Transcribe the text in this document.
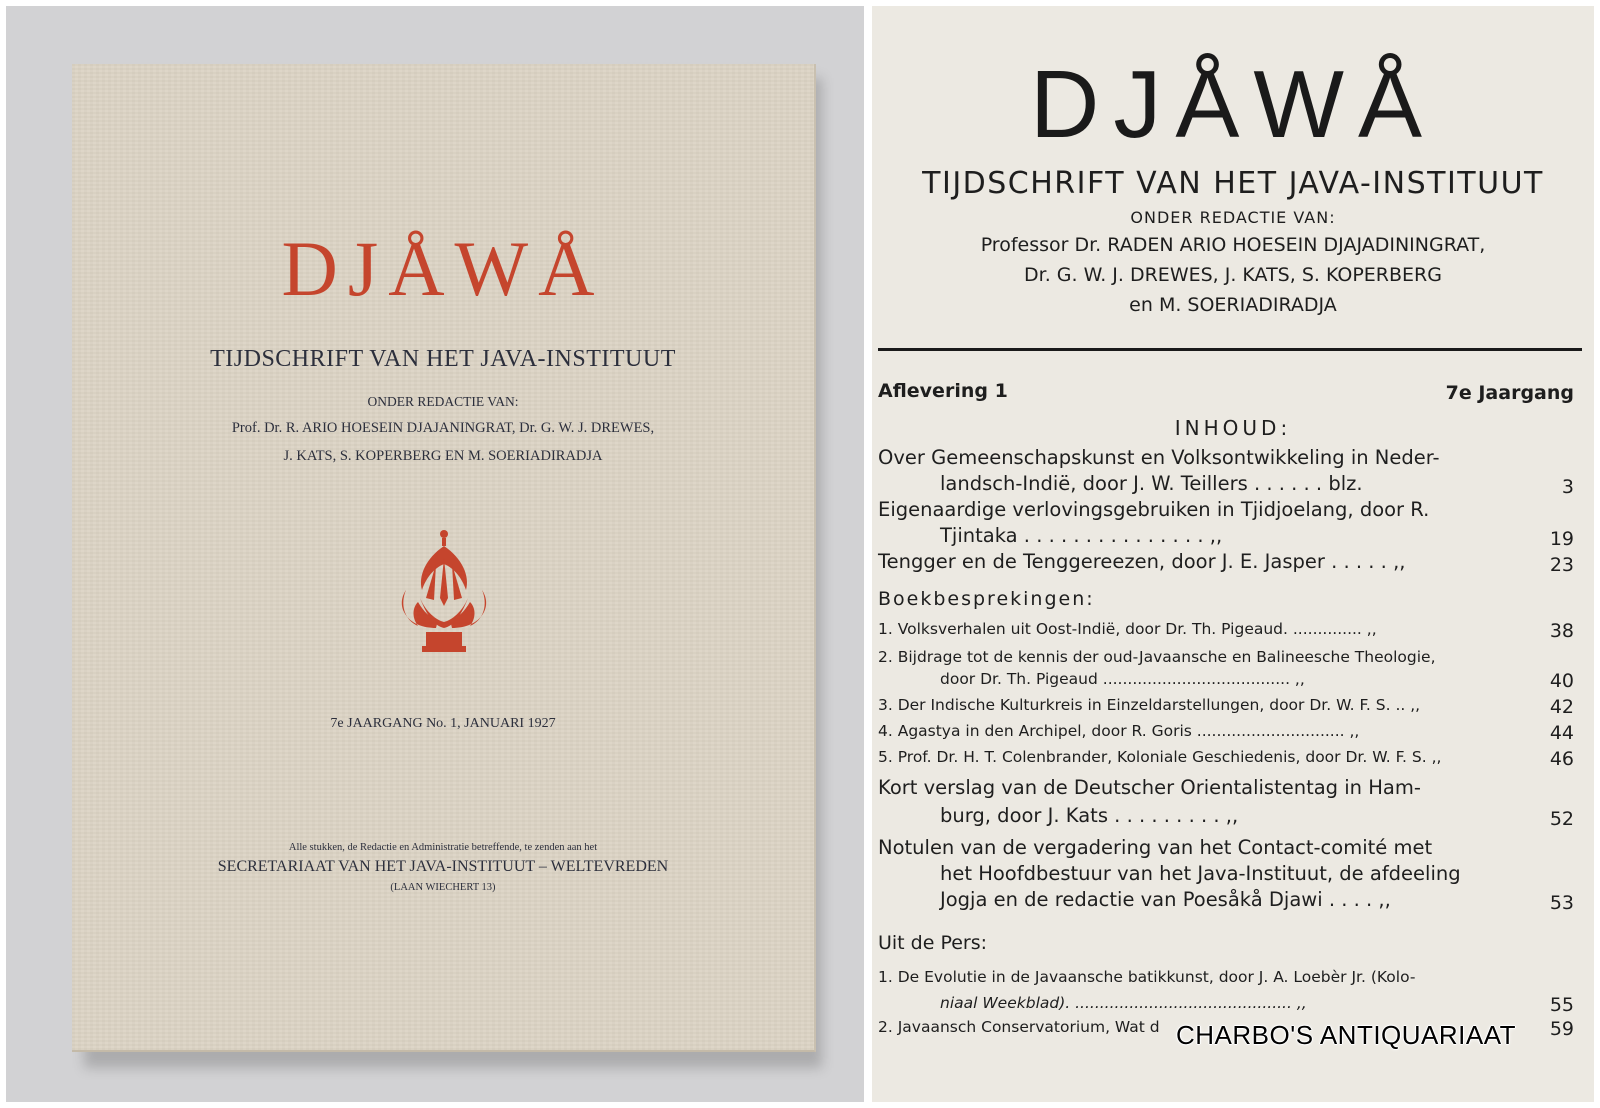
DJÅWÅ
TIJDSCHRIFT VAN HET JAVA-INSTITUUT
ONDER REDACTIE VAN:
Prof. Dr. R. ARIO HOESEIN DJAJANINGRAT, Dr. G. W. J. DREWES,
J. KATS, S. KOPERBERG EN M. SOERIADIRADJA
7e JAARGANG No. 1, JANUARI 1927
Alle stukken, de Redactie en Administratie betreffende, te zenden aan het
SECRETARIAAT VAN HET JAVA-INSTITUUT – WELTEVREDEN
(LAAN WIECHERT 13)
DJÅWÅ
TIJDSCHRIFT VAN HET JAVA-INSTITUUT
ONDER REDACTIE VAN:
Professor Dr. RADEN ARIO HOESEIN DJAJADININGRAT,
Dr. G. W. J. DREWES, J. KATS, S. KOPERBERG
en M. SOERIADIRADJA
Aflevering 1	7e Jaargang
INHOUD:
Over Gemeenschapskunst en Volksontwikkeling in Neder-
landsch-Indië, door J. W. Teillers . . . . . . blz.	3
Eigenaardige verlovingsgebruiken in Tjidjoelang, door R.
Tjintaka . . . . . . . . . . . . . . . ,,	19
Tengger en de Tenggereezen, door J. E. Jasper . . . . . ,,	23
Boekbesprekingen:
1. Volksverhalen uit Oost-Indië, door Dr. Th. Pigeaud. .............. ,,	38
2. Bijdrage tot de kennis der oud-Javaansche en Balineesche Theologie,
door Dr. Th. Pigeaud ...................................... ,,	40
3. Der Indische Kulturkreis in Einzeldarstellungen, door Dr. W. F. S. .. ,,	42
4. Agastya in den Archipel, door R. Goris .............................. ,,	44
5. Prof. Dr. H. T. Colenbrander, Koloniale Geschiedenis, door Dr. W. F. S. ,,	46
Kort verslag van de Deutscher Orientalistentag in Ham-
burg, door J. Kats . . . . . . . . . ,,	52
Notulen van de vergadering van het Contact-comité met
het Hoofdbestuur van het Java-Instituut, de afdeeling
Jogja en de redactie van Poesåkå Djawi . . . . ,,	53
Uit de Pers:
1. De Evolutie in de Javaansche batikkunst, door J. A. Loebèr Jr. (Kolo-
niaal Weekblad). ............................................ ,,	55
2. Javaansch Conservatorium, Wat d	59
CHARBO'S ANTIQUARIAAT
